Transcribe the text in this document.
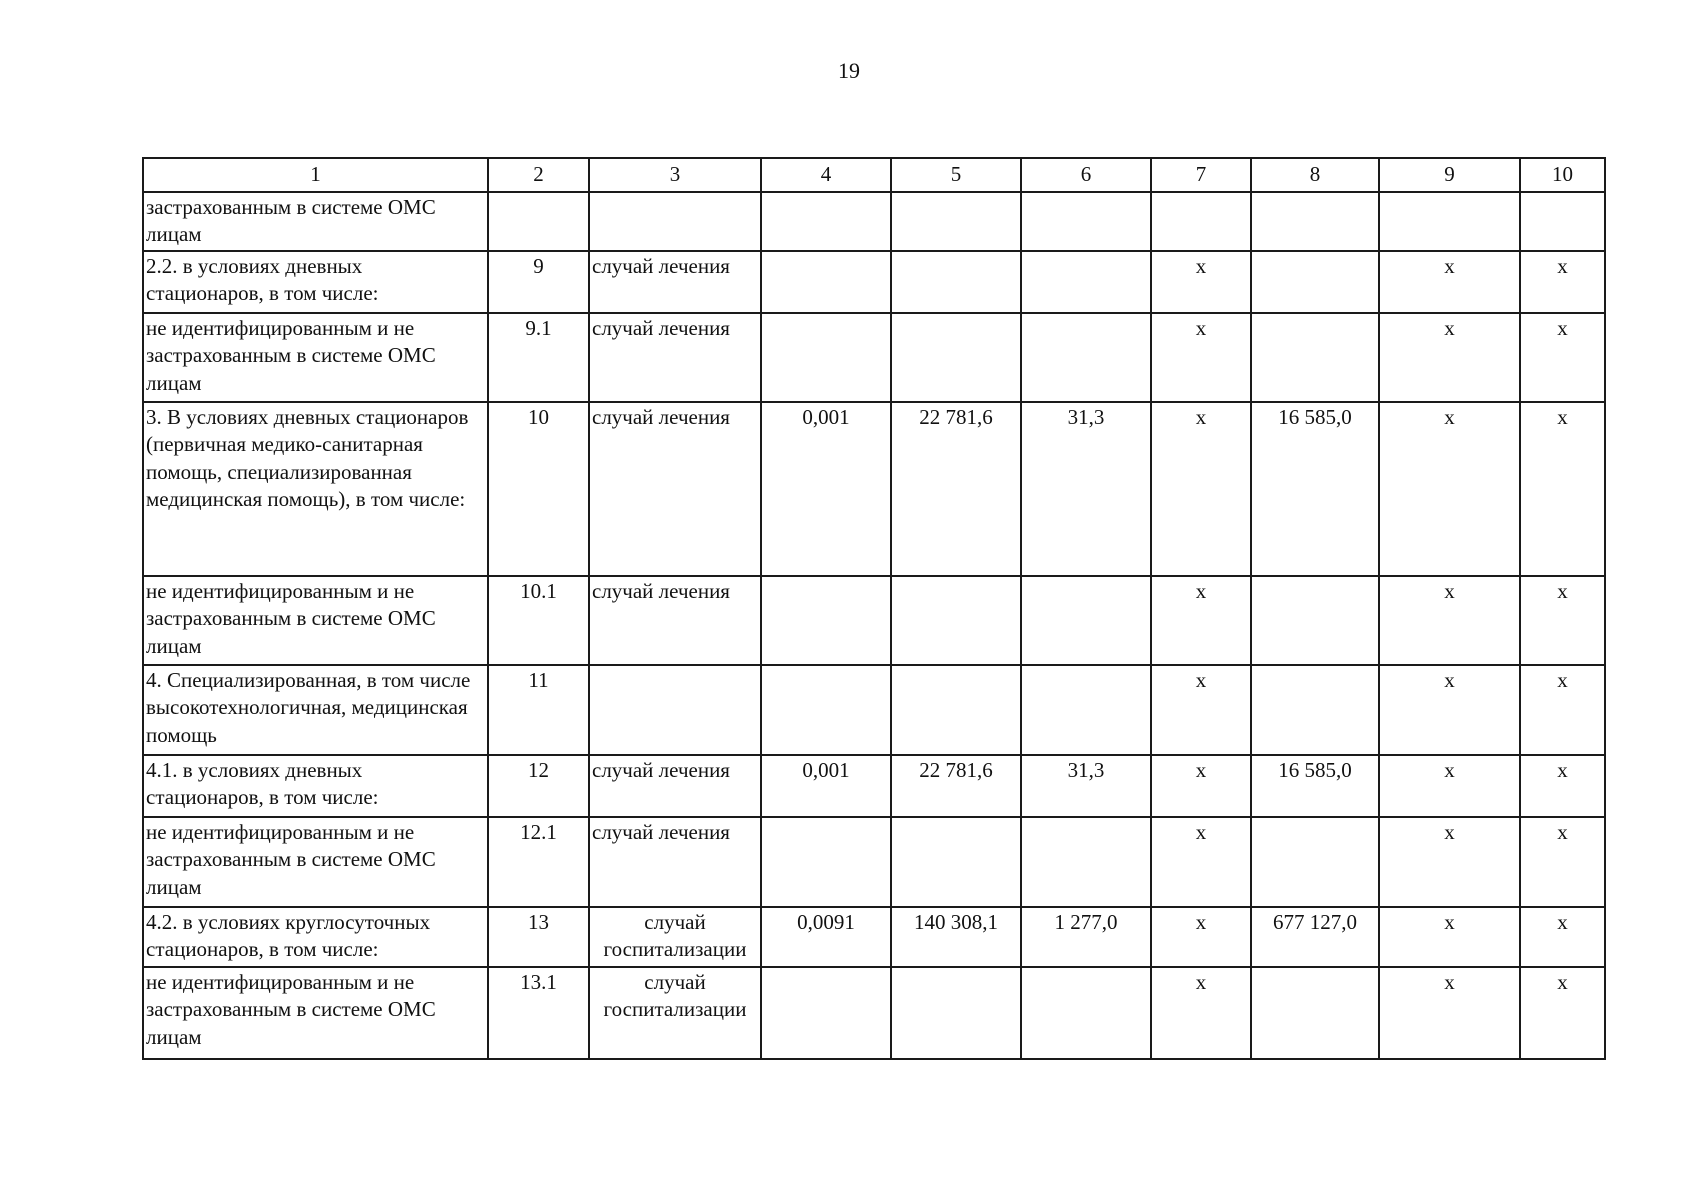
19
1	2	3	4	5	6	7	8	9	10
застрахованным в системе ОМС лицам									
2.2. в условиях дневных стационаров, в том числе:	9	случай лечения				х		х	х
не идентифицированным и не застрахованным в системе ОМС лицам	9.1	случай лечения				х		х	х
3. В условиях дневных стационаров (первичная медико-санитарная помощь, специализированная медицинская помощь), в том числе:	10	случай лечения	0,001	22 781,6	31,3	х	16 585,0	х	х
не идентифицированным и не застрахованным в системе ОМС лицам	10.1	случай лечения				х		х	х
4. Специализированная, в том числе высокотехнологичная, медицинская помощь	11					х		х	х
4.1. в условиях дневных стационаров, в том числе:	12	случай лечения	0,001	22 781,6	31,3	х	16 585,0	х	х
не идентифицированным и не застрахованным в системе ОМС лицам	12.1	случай лечения				х		х	х
4.2. в условиях круглосуточных стационаров, в том числе:	13	случай госпитализации	0,0091	140 308,1	1 277,0	х	677 127,0	х	х
не идентифицированным и не застрахованным в системе ОМС лицам	13.1	случай госпитализации				х		х	х
